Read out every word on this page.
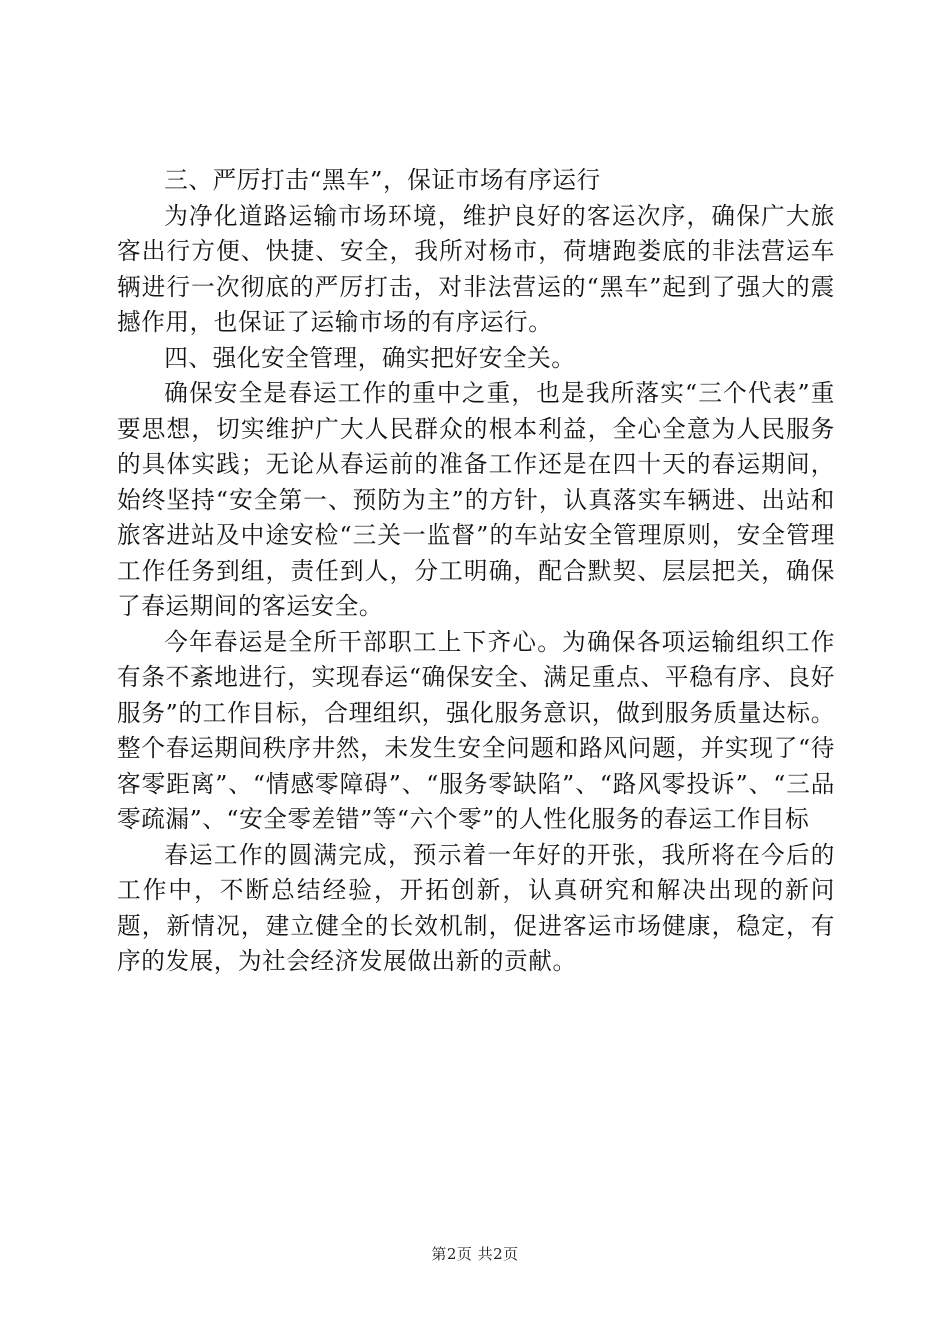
三、严厉打击“黑车”，保证市场有序运行

为净化道路运输市场环境，维护良好的客运次序，确保广大旅客出行方便、快捷、安全，我所对杨市，荷塘跑娄底的非法营运车辆进行一次彻底的严厉打击，对非法营运的“黑车”起到了强大的震撼作用，也保证了运输市场的有序运行。

四、强化安全管理，确实把好安全关。

确保安全是春运工作的重中之重，也是我所落实“三个代表”重要思想，切实维护广大人民群众的根本利益，全心全意为人民服务的具体实践；无论从春运前的准备工作还是在四十天的春运期间，始终坚持“安全第一、预防为主”的方针，认真落实车辆进、出站和旅客进站及中途安检“三关一监督”的车站安全管理原则，安全管理工作任务到组，责任到人，分工明确，配合默契、层层把关，确保了春运期间的客运安全。

今年春运是全所干部职工上下齐心。为确保各项运输组织工作有条不紊地进行，实现春运“确保安全、满足重点、平稳有序、良好服务”的工作目标，合理组织，强化服务意识，做到服务质量达标。整个春运期间秩序井然，未发生安全问题和路风问题，并实现了“待客零距离”、“情感零障碍”、“服务零缺陷”、“路风零投诉”、“三品零疏漏”、“安全零差错”等“六个零”的人性化服务的春运工作目标

春运工作的圆满完成，预示着一年好的开张，我所将在今后的工作中，不断总结经验，开拓创新，认真研究和解决出现的新问题，新情况，建立健全的长效机制，促进客运市场健康，稳定，有序的发展，为社会经济发展做出新的贡献。

第2页 共2页
